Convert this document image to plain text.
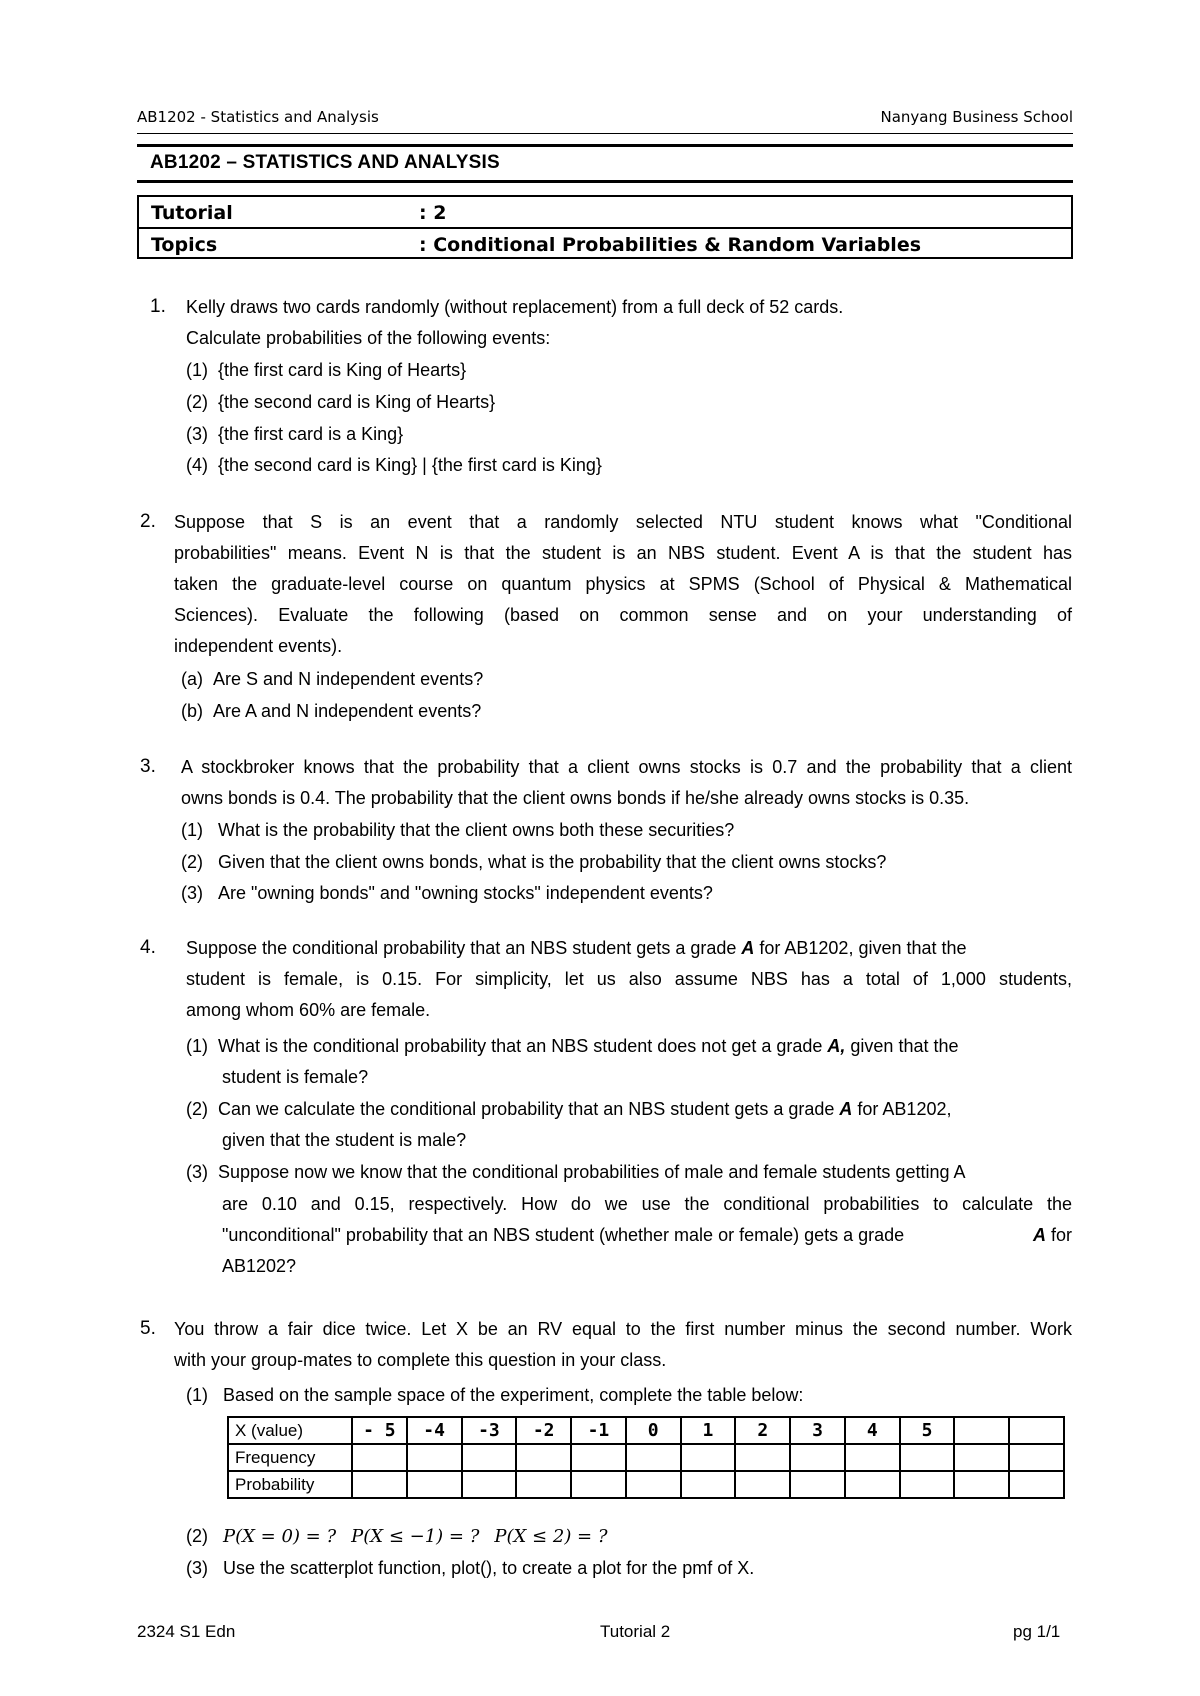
AB1202 - Statistics and Analysis	Nanyang Business School
AB1202 – STATISTICS AND ANALYSIS
Tutorial	: 2
Topics	: Conditional Probabilities & Random Variables
1. Kelly draws two cards randomly (without replacement) from a full deck of 52 cards.
Calculate probabilities of the following events:
(1) {the first card is King of Hearts}
(2) {the second card is King of Hearts}
(3) {the first card is a King}
(4) {the second card is King} | {the first card is King}
2. Suppose that S is an event that a randomly selected NTU student knows what "Conditional
probabilities" means. Event N is that the student is an NBS student. Event A is that the student has
taken the graduate-level course on quantum physics at SPMS (School of Physical & Mathematical
Sciences). Evaluate the following (based on common sense and on your understanding of
independent events).
(a) Are S and N independent events?
(b) Are A and N independent events?
3. A stockbroker knows that the probability that a client owns stocks is 0.7 and the probability that a client
owns bonds is 0.4. The probability that the client owns bonds if he/she already owns stocks is 0.35.
(1) What is the probability that the client owns both these securities?
(2) Given that the client owns bonds, what is the probability that the client owns stocks?
(3) Are "owning bonds" and "owning stocks" independent events?
4. Suppose the conditional probability that an NBS student gets a grade A for AB1202, given that the
student is female, is 0.15. For simplicity, let us also assume NBS has a total of 1,000 students,
among whom 60% are female.
(1) What is the conditional probability that an NBS student does not get a grade A, given that the
student is female?
(2) Can we calculate the conditional probability that an NBS student gets a grade A for AB1202,
given that the student is male?
(3) Suppose now we know that the conditional probabilities of male and female students getting A
are 0.10 and 0.15, respectively. How do we use the conditional probabilities to calculate the
"unconditional" probability that an NBS student (whether male or female) gets a grade	A for
AB1202?
5. You throw a fair dice twice. Let X be an RV equal to the first number minus the second number. Work
with your group-mates to complete this question in your class.
(1) Based on the sample space of the experiment, complete the table below:
X (value)	- 5	-4	-3	-2	-1	0	1	2	3	4	5		
Frequency													
Probability													
(2) P(X = 0) = ? P(X ≤ −1) = ? P(X ≤ 2) = ?
(3) Use the scatterplot function, plot(), to create a plot for the pmf of X.
2324 S1 Edn	Tutorial 2	pg 1/1
